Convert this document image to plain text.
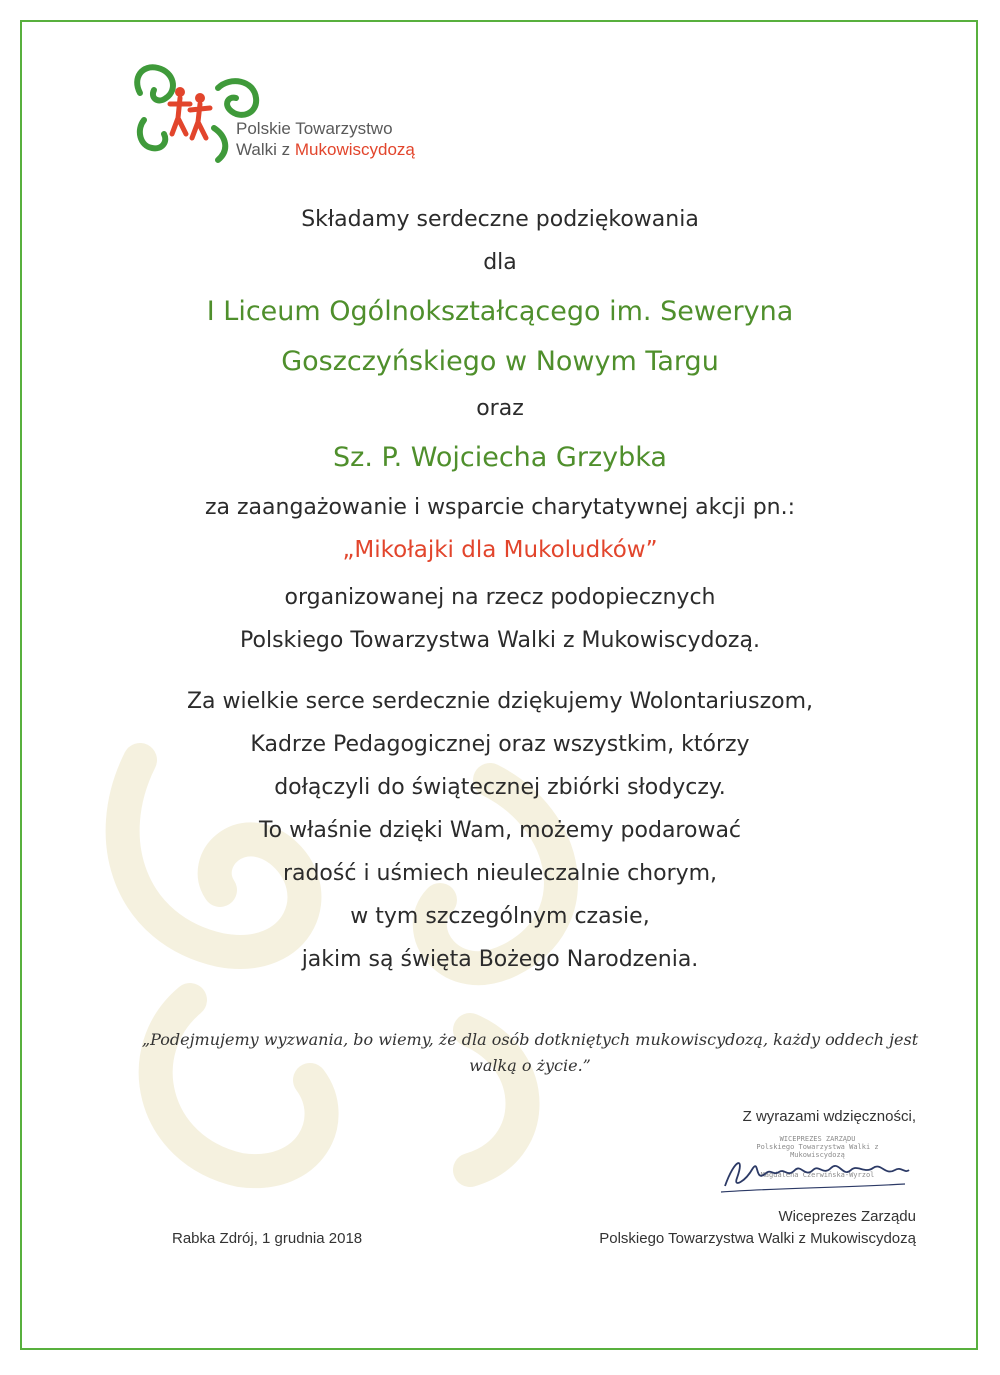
Polskie Towarzystwo
Walki z Mukowiscydozą
Składamy serdeczne podziękowania
dla
I Liceum Ogólnokształcącego im. Seweryna
Goszczyńskiego w Nowym Targu
oraz
Sz. P. Wojciecha Grzybka
za zaangażowanie i wsparcie charytatywnej akcji pn.:
„Mikołajki dla Mukoludków”
organizowanej na rzecz podopiecznych
Polskiego Towarzystwa Walki z Mukowiscydozą.
Za wielkie serce serdecznie dziękujemy Wolontariuszom,
Kadrze Pedagogicznej oraz wszystkim, którzy
dołączyli do świątecznej zbiórki słodyczy.
To właśnie dzięki Wam, możemy podarować
radość i uśmiech nieuleczalnie chorym,
w tym szczególnym czasie,
jakim są święta Bożego Narodzenia.
„Podejmujemy wyzwania, bo wiemy, że dla osób dotkniętych mukowiscydozą, każdy oddech jest
walką o życie.”
Z wyrazami wdzięczności,
WICEPREZES ZARZĄDU
Polskiego Towarzystwa Walki z Mukowiscydozą
Magdalena Czerwińska-Wyrzol
Wiceprezes Zarządu
Polskiego Towarzystwa Walki z Mukowiscydozą
Rabka Zdrój, 1 grudnia 2018
